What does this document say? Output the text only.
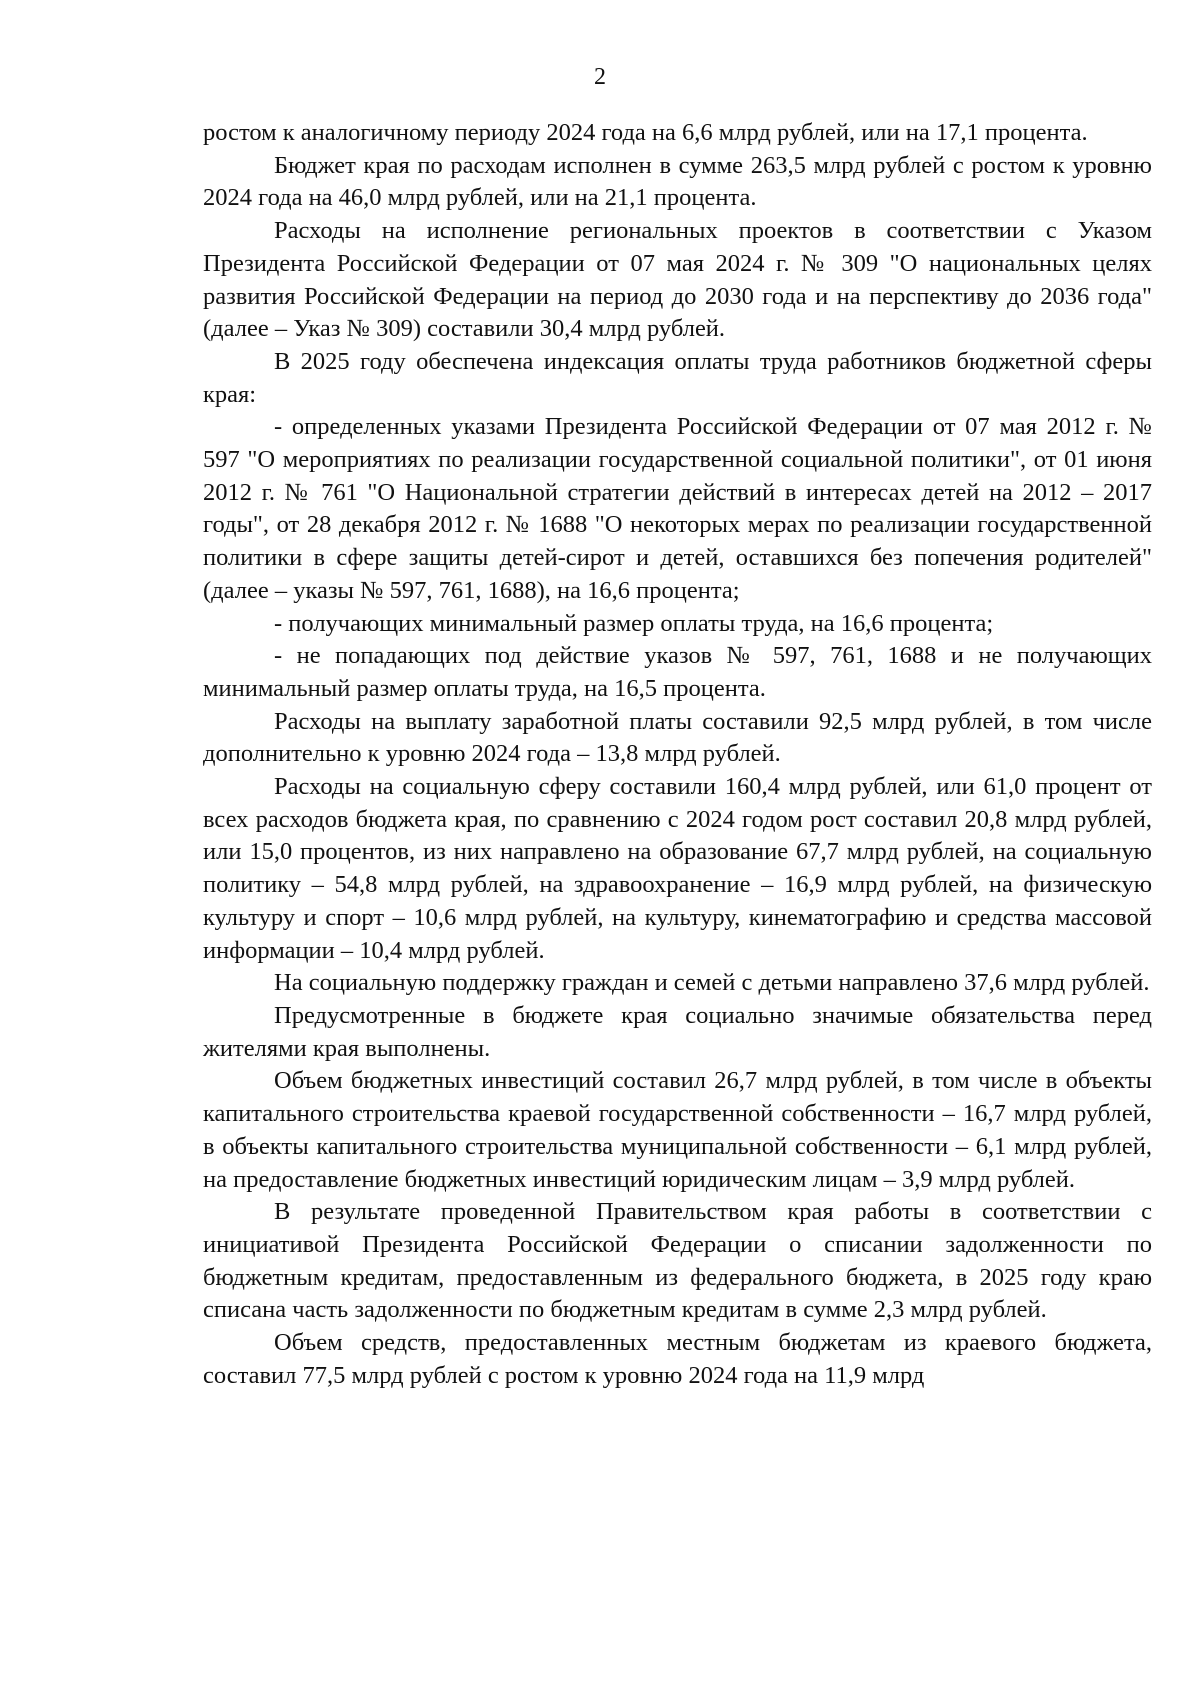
2

ростом к аналогичному периоду 2024 года на 6,6 млрд рублей, или на 17,1 процента.

Бюджет края по расходам исполнен в сумме 263,5 млрд рублей с ростом к уровню 2024 года на 46,0 млрд рублей, или на 21,1 процента.

Расходы на исполнение региональных проектов в соответствии с Указом Президента Российской Федерации от 07 мая 2024 г. № 309 "О национальных целях развития Российской Федерации на период до 2030 года и на перспективу до 2036 года" (далее – Указ № 309) составили 30,4 млрд рублей.

В 2025 году обеспечена индексация оплаты труда работников бюджетной сферы края:

- определенных указами Президента Российской Федерации от 07 мая 2012 г. № 597 "О мероприятиях по реализации государственной социальной политики", от 01 июня 2012 г. № 761 "О Национальной стратегии действий в интересах детей на 2012 – 2017 годы", от 28 декабря 2012 г. № 1688 "О некоторых мерах по реализации государственной политики в сфере защиты детей-сирот и детей, оставшихся без попечения родителей" (далее – указы № 597, 761, 1688), на 16,6 процента;

- получающих минимальный размер оплаты труда, на 16,6 процента;

- не попадающих под действие указов № 597, 761, 1688 и не получающих минимальный размер оплаты труда, на 16,5 процента.

Расходы на выплату заработной платы составили 92,5 млрд рублей, в том числе дополнительно к уровню 2024 года – 13,8 млрд рублей.

Расходы на социальную сферу составили 160,4 млрд рублей, или 61,0 процент от всех расходов бюджета края, по сравнению с 2024 годом рост составил 20,8 млрд рублей, или 15,0 процентов, из них направлено на образование 67,7 млрд рублей, на социальную политику – 54,8 млрд рублей, на здравоохранение – 16,9 млрд рублей, на физическую культуру и спорт – 10,6 млрд рублей, на культуру, кинематографию и средства массовой информации – 10,4 млрд рублей.

На социальную поддержку граждан и семей с детьми направлено 37,6 млрд рублей.

Предусмотренные в бюджете края социально значимые обязательства перед жителями края выполнены.

Объем бюджетных инвестиций составил 26,7 млрд рублей, в том числе в объекты капитального строительства краевой государственной собственности – 16,7 млрд рублей, в объекты капитального строительства муниципальной собственности – 6,1 млрд рублей, на предоставление бюджетных инвестиций юридическим лицам – 3,9 млрд рублей.

В результате проведенной Правительством края работы в соответствии с инициативой Президента Российской Федерации о списании задолженности по бюджетным кредитам, предоставленным из федерального бюджета, в 2025 году краю списана часть задолженности по бюджетным кредитам в сумме 2,3 млрд рублей.

Объем средств, предоставленных местным бюджетам из краевого бюджета, составил 77,5 млрд рублей с ростом к уровню 2024 года на 11,9 млрд
